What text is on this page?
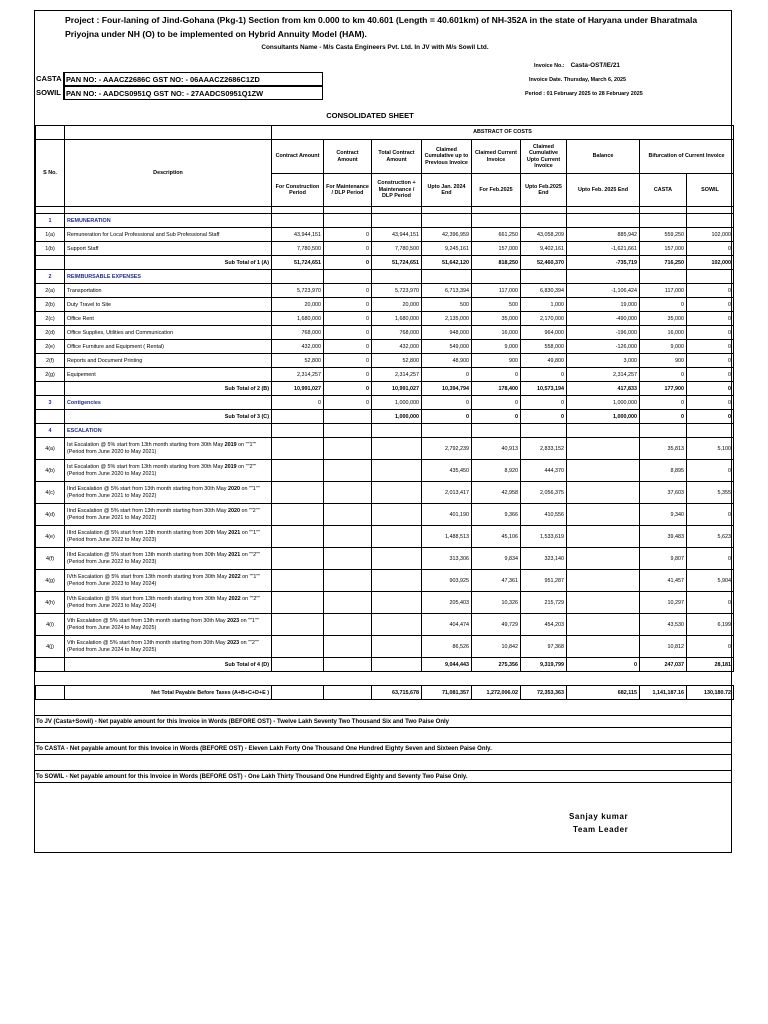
Project : Four-laning of Jind-Gohana (Pkg-1) Section from km 0.000 to km 40.601 (Length = 40.601km) of NH-352A in the state of Haryana under Bharatmala Priyojna under NH (O) to be implemented on Hybrid Annuity Model (HAM).
Consultants Name - M/s Casta Engineers Pvt. Ltd. In JV with M/s Sowil Ltd.
CASTA PAN NO: - AAACZ2686C GST NO: - 06AAACZ2686C1ZD
SOWIL PAN NO: - AADCS0951Q GST NO: - 27AADCS0951Q1ZW
Invoice No.: Casta-OST/IE/21
Invoice Date. Thursday, March 6, 2025
Period : 01 February 2025 to 28 February 2025
CONSOLIDATED SHEET
		ABSTRACT OF COSTS								
S No.	Description	Contract Amount	Contract Amount	Total Contract Amount	Claimed Cumulative up to Previous Invoice	Claimed Current Invoice	Claimed Cumulative Upto Current Invoice	Balance	Bifurcation of Current Invoice	
		For Construction Period	For Maintenance / DLP Period	Construction + Maintenance / DLP Period	Upto Jan. 2024 End	For Feb.2025	Upto Feb.2025 End	Upto Feb. 2025 End	CASTA	SOWIL

1	REMUNERATION									
1(a)	Remuneration for Local Professional and Sub Professional Staff	43,944,151	0	43,944,151	42,396,959	661,250	43,058,209	885,942	559,250	102,000
1(b)	Support Staff	7,780,500	0	7,780,500	9,245,161	157,000	9,402,161	-1,621,661	157,000	0
	Sub Total of 1 (A)	51,724,651	0	51,724,651	51,642,120	818,250	52,460,370	-735,719	716,250	102,000
2	REIMBURSABLE EXPENSES									
2(a)	Transportation	5,723,970	0	5,723,970	6,713,394	117,000	6,830,394	-1,106,424	117,000	0
2(b)	Duty Travel to Site	20,000	0	20,000	500	500	1,000	19,000	0	0
2(c)	Office Rent	1,680,000	0	1,680,000	2,135,000	35,000	2,170,000	-490,000	35,000	0
2(d)	Office Supplies, Utilities and Communication	768,000	0	768,000	948,000	16,000	964,000	-196,000	16,000	0
2(e)	Office Furniture and Equipment ( Rental)	432,000	0	432,000	549,000	9,000	558,000	-126,000	9,000	0
2(f)	Reports and Document Printing	52,800	0	52,800	48,900	900	49,800	3,000	900	0
2(g)	Equipement	2,314,257	0	2,314,257	0	0	0	2,314,257	0	0
	Sub Total of 2 (B)	10,991,027	0	10,991,027	10,394,794	178,400	10,573,194	417,833	177,900	0
3	Contigencies	0	0	1,000,000	0	0	0	1,000,000	0	0
	Sub Total of 3 (C)			1,000,000	0	0	0	1,000,000	0	0
4	ESCALATION									
4(a)	Ist Escalation @ 5% start from 13th month starting from 30th May 2019 on ""1"" (Period from June 2020 to May 2021)				2,792,239	40,913	2,833,152		35,813	5,100
4(b)	Ist Escalation @ 5% start from 13th month starting from 30th May 2019 on ""2"" (Period from June 2020 to May 2021)				435,450	8,920	444,370		8,895	0
4(c)	IInd Escalation @ 5% start from 13th month starting from 30th May 2020 on ""1"" (Period from June 2021 to May 2022)				2,013,417	42,958	2,056,375		37,603	5,355
4(d)	IInd Escalation @ 5% start from 13th month starting from 30th May 2020 on ""2"" (Period from June 2021 to May 2022)				401,190	9,366	410,556		9,340	0
4(e)	IIIrd Escalation @ 5% start from 13th month starting from 30th May 2021 on ""1"" (Period from June 2022 to May 2023)				1,488,513	45,106	1,533,619		39,483	5,623
4(f)	IIIrd Escalation @ 5% start from 13th month starting from 30th May 2021 on ""2"" (Period from June 2022 to May 2023)				313,306	9,834	323,140		9,807	0
4(g)	IVth Escalation @ 5% start from 13th month starting from 30th May 2022 on ""1"" (Period from June 2023 to May 2024)				903,925	47,361	951,287		41,457	5,904
4(h)	IVth Escalation @ 5% start from 13th month starting from 30th May 2022 on ""2"" (Period from June 2023 to May 2024)				205,403	10,326	215,729		10,297	0
4(i)	Vth Escalation @ 5% start from 13th month starting from 30th May 2023 on ""1"" (Period from June 2024 to May 2025)				404,474	49,729	454,203		43,530	6,199
4(j)	Vth Escalation @ 5% start from 13th month starting from 30th May 2023 on ""2"" (Period from June 2024 to May 2025)				86,526	10,842	97,368		10,812	0
	Sub Total of 4 (D)				9,044,443	275,356	9,319,799	0	247,037	28,181

	Net Total Payable Before Taxes (A+B+C+D+E )			63,715,678	71,081,357	1,272,006.02	72,353,363	682,115	1,141,187.16	130,180.72
To JV (Casta+Sowil) - Net payable amount for this Invoice in Words (BEFORE OST) - Twelve Lakh Seventy Two Thousand Six and Two Paise Only
To CASTA - Net payable amount for this Invoice in Words (BEFORE OST) - Eleven Lakh Forty One Thousand One Hundred Eighty Seven and Sixteen Paise Only.
To SOWIL - Net payable amount for this Invoice in Words (BEFORE OST) - One Lakh Thirty Thousand One Hundred Eighty and Seventy Two Paise Only.
Sanjay kumar
Team Leader
